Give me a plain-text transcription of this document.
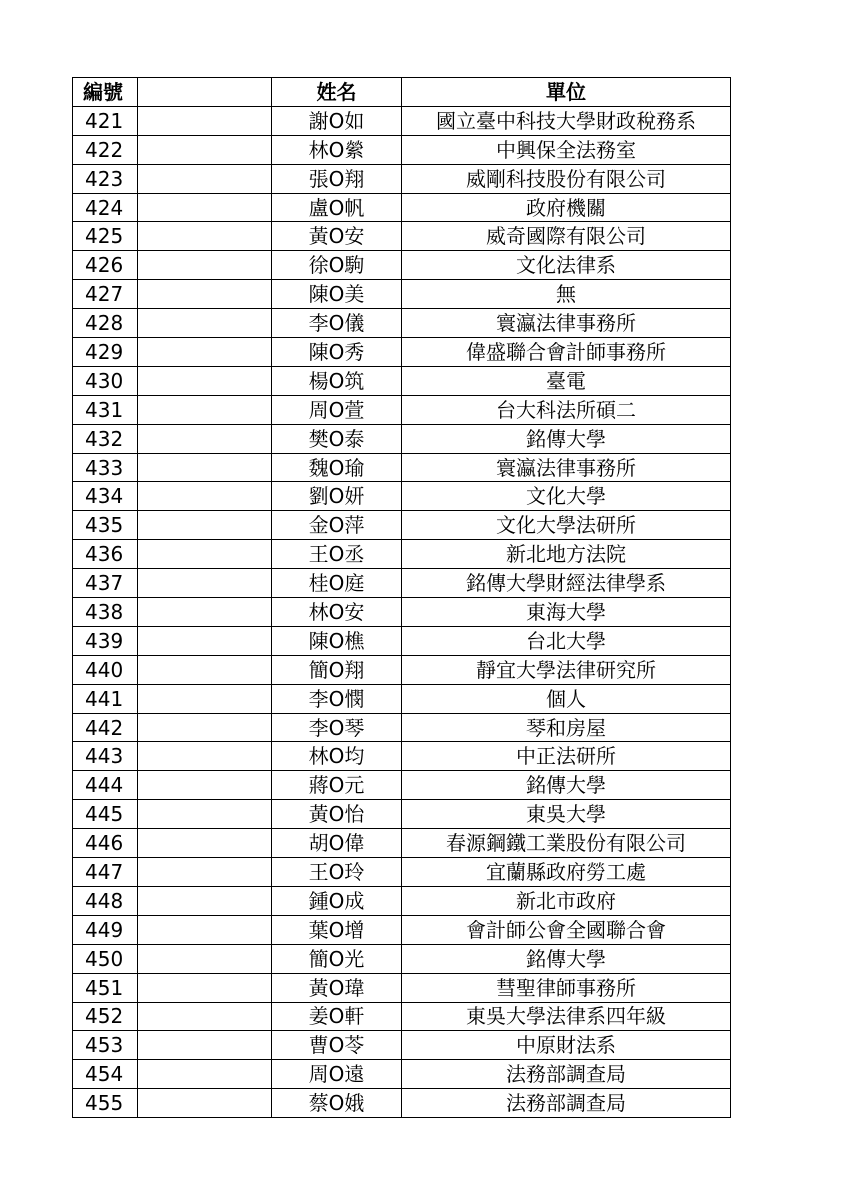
編號		姓名	單位
421		謝O如	國立臺中科技大學財政稅務系
422		林O縈	中興保全法務室
423		張O翔	威剛科技股份有限公司
424		盧O帆	政府機關
425		黃O安	威奇國際有限公司
426		徐O駒	文化法律系
427		陳O美	無
428		李O儀	寰瀛法律事務所
429		陳O秀	偉盛聯合會計師事務所
430		楊O筑	臺電
431		周O萱	台大科法所碩二
432		樊O泰	銘傳大學
433		魏O瑜	寰瀛法律事務所
434		劉O妍	文化大學
435		金O萍	文化大學法研所
436		王O丞	新北地方法院
437		桂O庭	銘傳大學財經法律學系
438		林O安	東海大學
439		陳O樵	台北大學
440		簡O翔	靜宜大學法律研究所
441		李O憫	個人
442		李O琴	琴和房屋
443		林O均	中正法研所
444		蔣O元	銘傳大學
445		黃O怡	東吳大學
446		胡O偉	春源鋼鐵工業股份有限公司
447		王O玲	宜蘭縣政府勞工處
448		鍾O成	新北市政府
449		葉O增	會計師公會全國聯合會
450		簡O光	銘傳大學
451		黃O瑋	彗聖律師事務所
452		姜O軒	東吳大學法律系四年級
453		曹O苓	中原財法系
454		周O遠	法務部調查局
455		蔡O娥	法務部調查局
